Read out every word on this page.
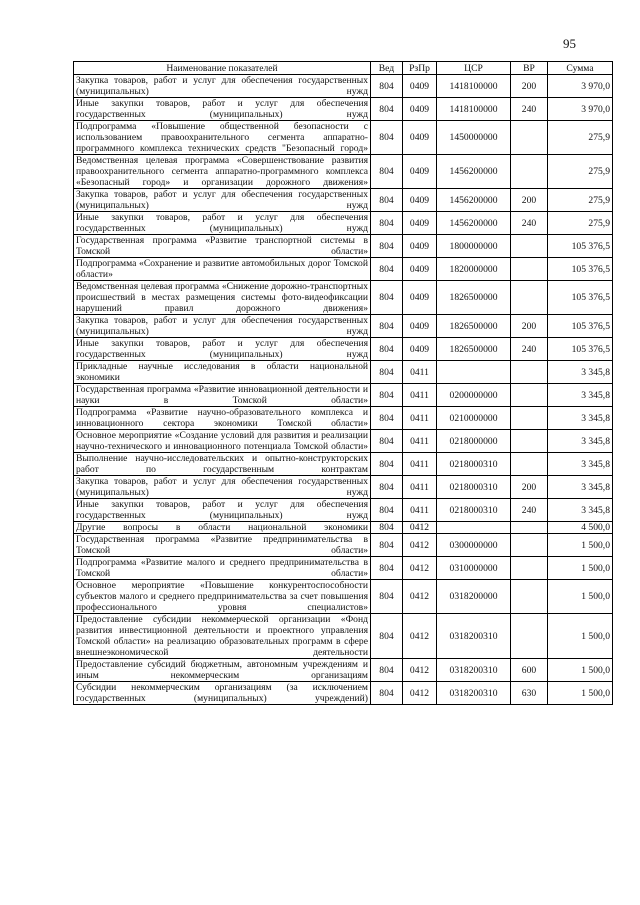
95
Наименование показателей	Вед	РзПр	ЦСР	ВР	Сумма
Закупка товаров, работ и услуг для обеспечения государственных (муниципальных) нужд	804	0409	1418100000	200	3 970,0
Иные закупки товаров, работ и услуг для обеспечения государственных (муниципальных) нужд	804	0409	1418100000	240	3 970,0
Подпрограмма «Повышение общественной безопасности с использованием правоохранительного сегмента аппаратно-программного комплекса технических средств "Безопасный город»	804	0409	1450000000		275,9
Ведомственная целевая программа «Совершенствование развития правоохранительного сегмента аппаратно-программного комплекса «Безопасный город» и организации дорожного движения»	804	0409	1456200000		275,9
Закупка товаров, работ и услуг для обеспечения государственных (муниципальных) нужд	804	0409	1456200000	200	275,9
Иные закупки товаров, работ и услуг для обеспечения государственных (муниципальных) нужд	804	0409	1456200000	240	275,9
Государственная программа «Развитие транспортной системы в Томской области»	804	0409	1800000000		105 376,5
Подпрограмма «Сохранение и развитие автомобильных дорог Томской области»	804	0409	1820000000		105 376,5
Ведомственная целевая программа «Снижение дорожно-транспортных происшествий в местах размещения системы фото-видеофиксации нарушений правил дорожного движения»	804	0409	1826500000		105 376,5
Закупка товаров, работ и услуг для обеспечения государственных (муниципальных) нужд	804	0409	1826500000	200	105 376,5
Иные закупки товаров, работ и услуг для обеспечения государственных (муниципальных) нужд	804	0409	1826500000	240	105 376,5
Прикладные научные исследования в области национальной экономики	804	0411			3 345,8
Государственная программа «Развитие инновационной деятельности и науки в Томской области»	804	0411	0200000000		3 345,8
Подпрограмма «Развитие научно-образовательного комплекса и инновационного сектора экономики Томской области»	804	0411	0210000000		3 345,8
Основное мероприятие «Создание условий для развития и реализации научно-технического и инновационного потенциала Томской области»	804	0411	0218000000		3 345,8
Выполнение научно-исследовательских и опытно-конструкторских работ по государственным контрактам	804	0411	0218000310		3 345,8
Закупка товаров, работ и услуг для обеспечения государственных (муниципальных) нужд	804	0411	0218000310	200	3 345,8
Иные закупки товаров, работ и услуг для обеспечения государственных (муниципальных) нужд	804	0411	0218000310	240	3 345,8
Другие вопросы в области национальной экономики	804	0412			4 500,0
Государственная программа «Развитие предпринимательства в Томской области»	804	0412	0300000000		1 500,0
Подпрограмма «Развитие малого и среднего предпринимательства в Томской области»	804	0412	0310000000		1 500,0
Основное мероприятие «Повышение конкурентоспособности субъектов малого и среднего предпринимательства за счет повышения профессионального уровня специалистов»	804	0412	0318200000		1 500,0
Предоставление субсидии некоммерческой организации «Фонд развития инвестиционной деятельности и проектного управления Томской области» на реализацию образовательных программ в сфере внешнеэкономической деятельности	804	0412	0318200310		1 500,0
Предоставление субсидий бюджетным, автономным учреждениям и иным некоммерческим организациям	804	0412	0318200310	600	1 500,0
Субсидии некоммерческим организациям (за исключением государственных (муниципальных) учреждений)	804	0412	0318200310	630	1 500,0
